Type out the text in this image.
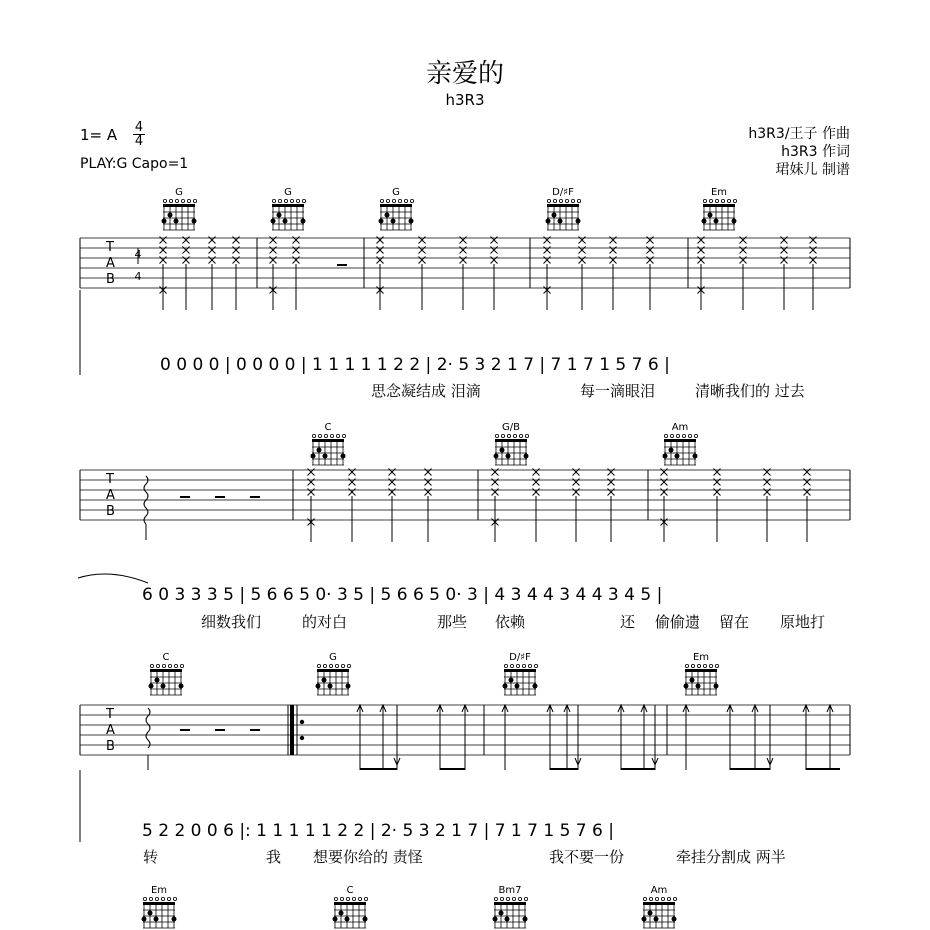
亲爱的
h3R3
1= A 4
4
PLAY:G Capo=1
h3R3/王子 作曲
h3R3 作词
珺妹儿 制谱
G	G	G	D/♯F	Em
T
A
B
4
4
0 0 0 0 | 0 0 0 0 | 1 1 1 1 1 2 2 | 2· 5 3 2 1 7 | 7 1 7 1 5 7 6 |
思念凝结成 泪滴	每一滴眼泪	清晰我们的 过去
C	G/B	Am
T
A
B
6 0 3 3 3 5 | 5 6 6 5 0· 3 5 | 5 6 6 5 0· 3 | 4 3 4 4 3 4 4 3 4 5 |
细数我们	的对白	那些 依赖	还 偷偷遗 留在 原地打
C	G	D/♯F	Em
T
A
B
5 2 2 0 0 6 |: 1 1 1 1 1 2 2 | 2· 5 3 2 1 7 | 7 1 7 1 5 7 6 |
转	我 想要你给的 责怪	我不要一份	牵挂分割成 两半
Em	C	Bm7	Am
